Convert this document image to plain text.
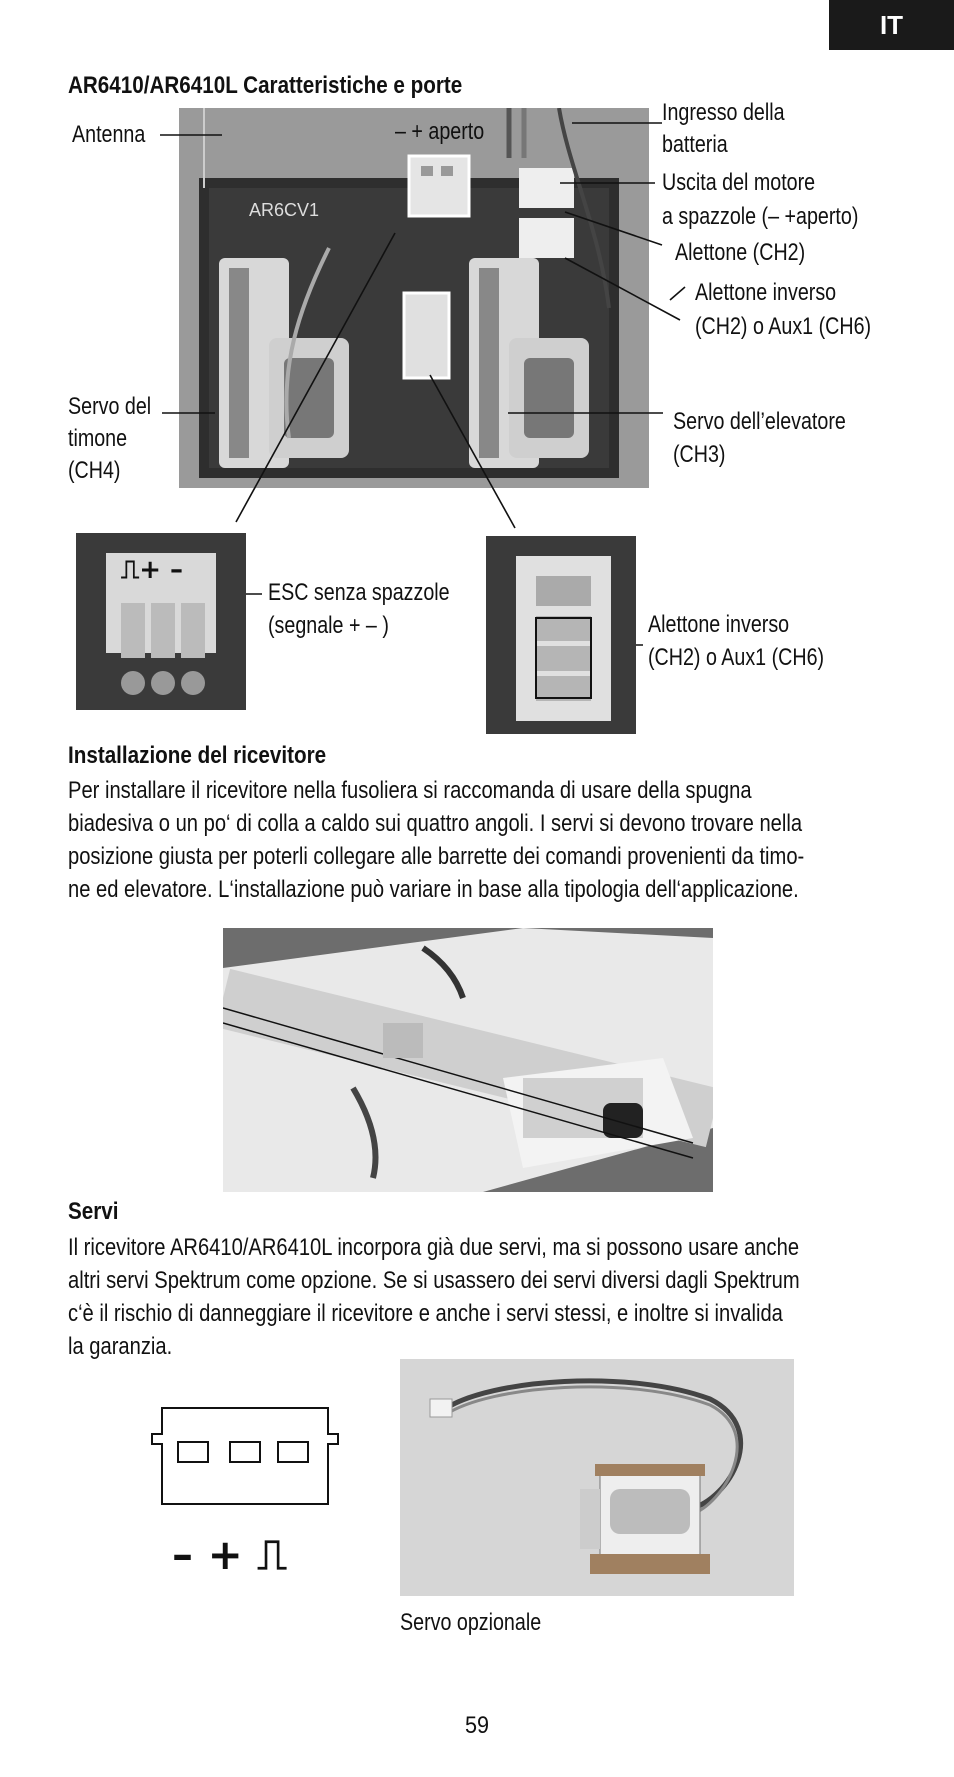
IT
AR6410/AR6410L Caratteristiche e porte
AR6CV1
Antenna	– + aperto
Ingresso della
batteria
Uscita del motore
a spazzole (– +aperto)
Alettone (CH2)
Alettone inverso
(CH2) o Aux1 (CH6)
Servo del
timone
(CH4)
Servo dell’elevatore
(CH3)
⎍+ –
ESC senza spazzole
(segnale + – )	Alettone inverso
(CH2) o Aux1 (CH6)
Installazione del ricevitore
Per installare il ricevitore nella fusoliera si raccomanda di usare della spugna
biadesiva o un po‘ di colla a caldo sui quattro angoli. I servi si devono trovare nella
posizione giusta per poterli collegare alle barrette dei comandi provenienti da timo-
ne ed elevatore. L‘installazione può variare in base alla tipologia dell‘applicazione.
Servi
Il ricevitore AR6410/AR6410L incorpora già due servi, ma si possono usare anche
altri servi Spektrum come opzione. Se si usassero dei servi diversi dagli Spektrum
c‘è il rischio di danneggiare il ricevitore e anche i servi stessi, e inoltre si invalida
la garanzia.
– + ⎍
Servo opzionale
59
